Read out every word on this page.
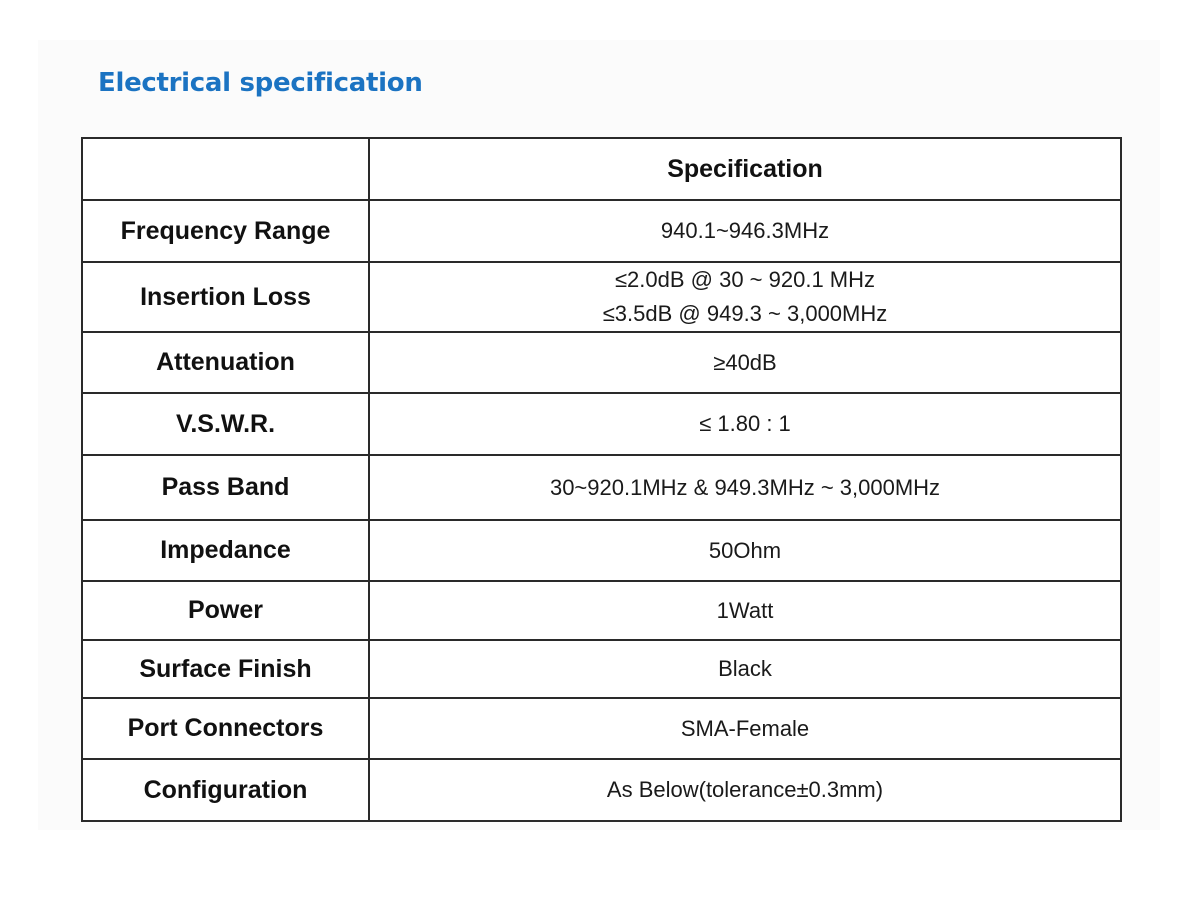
Electrical specification
	Specification
Frequency Range	940.1~946.3MHz

Insertion Loss	≤2.0dB @ 30 ~ 920.1 MHz
≤3.5dB @ 949.3 ~ 3,000MHz

Attenuation	≥40dB

V.S.W.R.	≤ 1.80 : 1

Pass Band	30~920.1MHz & 949.3MHz ~ 3,000MHz

Impedance	50Ohm

Power	1Watt

Surface Finish	Black

Port Connectors	SMA-Female

Configuration	As Below(tolerance±0.3mm)
